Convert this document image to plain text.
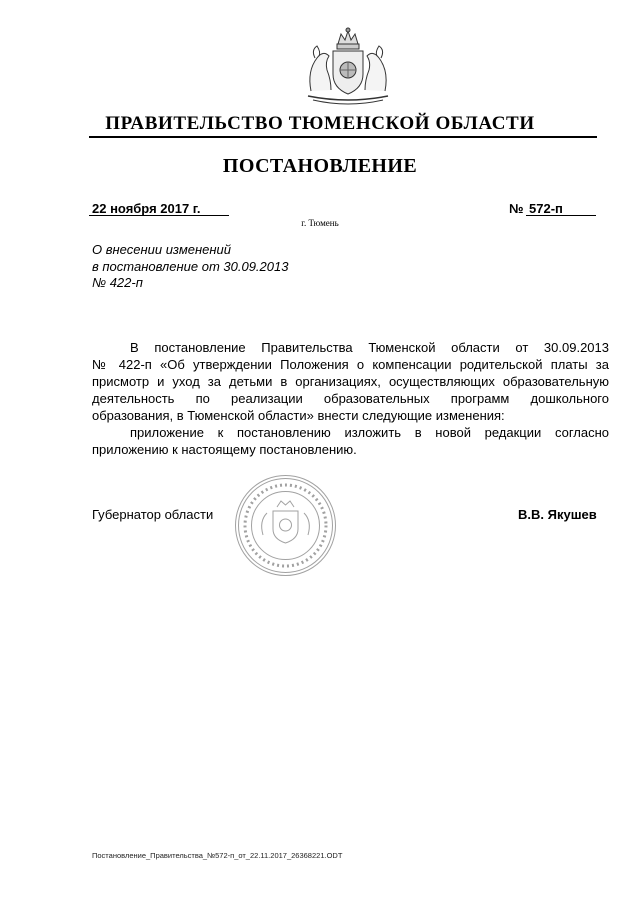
ПРАВИТЕЛЬСТВО ТЮМЕНСКОЙ ОБЛАСТИ
ПОСТАНОВЛЕНИЕ
22 ноября 2017 г.	№ 572-п
г. Тюмень
О внесении изменений
в постановление от 30.09.2013
№ 422-п
В постановление Правительства Тюменской области от 30.09.2013
№ 422-п «Об утверждении Положения о компенсации родительской платы за
присмотр и уход за детьми в организациях, осуществляющих образовательную
деятельность по реализации образовательных программ дошкольного
образования, в Тюменской области» внести следующие изменения:
приложение к постановлению изложить в новой редакции согласно
приложению к настоящему постановлению.
Губернатор области	В.В. Якушев
Постановление_Правительства_№572-п_от_22.11.2017_26368221.ODT
